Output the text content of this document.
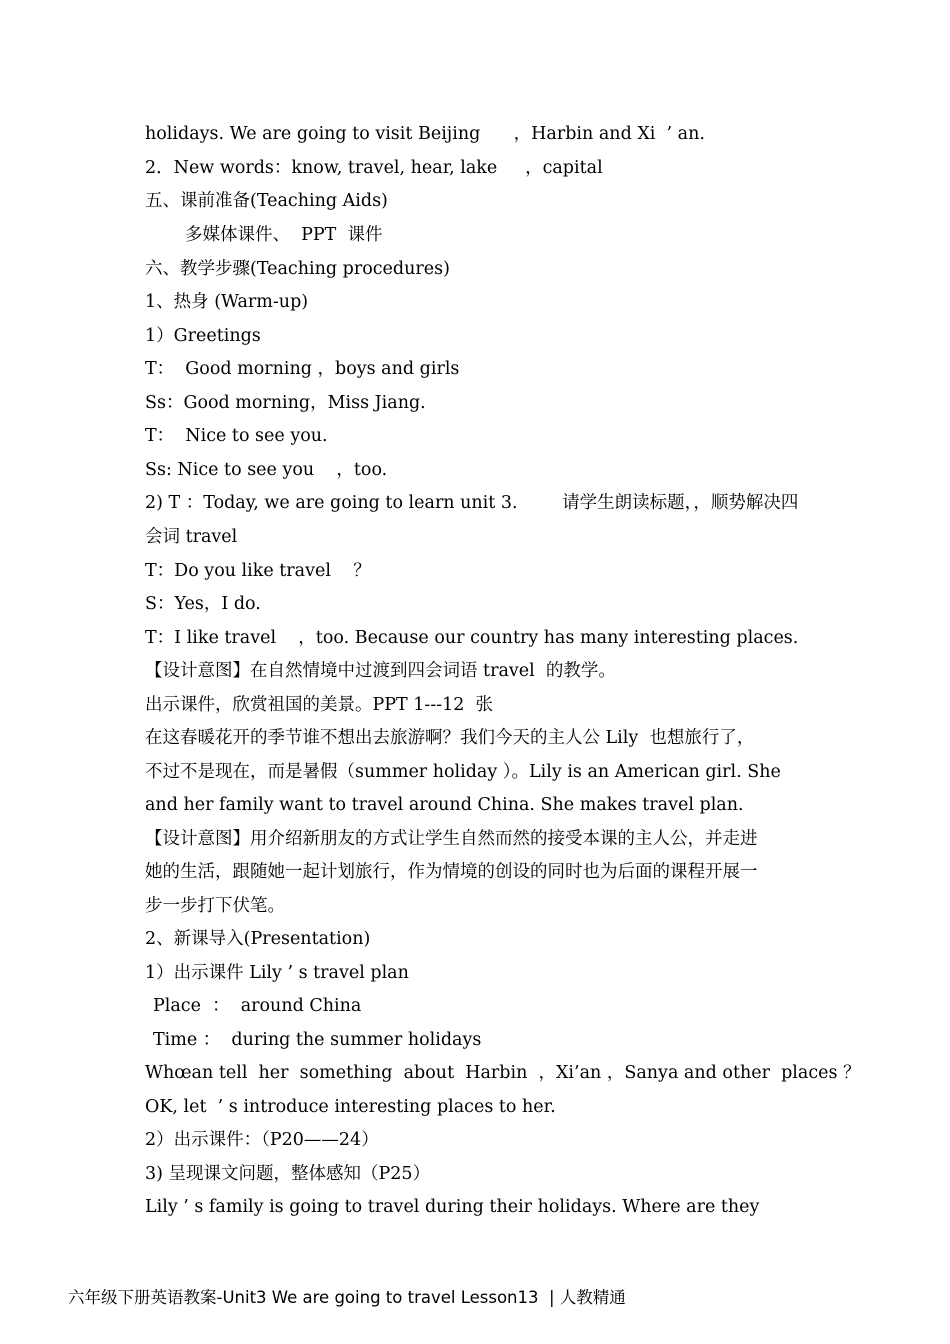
holidays. We are going to visit Beijing      ，Harbin and Xi  ’ an.
2．New words：know, travel, hear, lake     ，capital
五、课前准备(Teaching Aids)
多媒体课件、  PPT  课件
六、教学步骤(Teaching procedures)
1、热身 (Warm-up)
1）Greetings
T：  Good morning ，boys and girls
Ss：Good morning，Miss Jiang.
T：  Nice to see you.
Ss: Nice to see you    ，too.
2) T ：Today, we are going to learn unit 3.        请学生朗读标题，，顺势解决四
会词 travel
T：Do you like travel    ？
S：Yes，I do.
T：I like travel    ，too. Because our country has many interesting places.
【设计意图】在自然情境中过渡到四会词语 travel  的教学。
出示课件，欣赏祖国的美景。PPT 1---12  张
在这春暖花开的季节谁不想出去旅游啊？我们今天的主人公 Lily  也想旅行了，
不过不是现在，而是暑假（summer holiday ）。Lily is an American girl. She
and her family want to travel around China. She makes travel plan.
【设计意图】用介绍新朋友的方式让学生自然而然的接受本课的主人公，并走进
她的生活，跟随她一起计划旅行，作为情境的创设的同时也为后面的课程开展一
步一步打下伏笔。
2、新课导入(Presentation)
1）出示课件 Lily ’ s travel plan
Place  ：  around China
Time ：  during the summer holidays
Whœan tell  her  something  about  Harbin  ，Xi’an ，Sanya and other  places ？
OK, let  ’ s introduce interesting places to her.
2）出示课件：（P20——24）
3) 呈现课文问题，整体感知（P25）
Lily ’ s family is going to travel during their holidays. Where are they
六年级下册英语教案-Unit3 We are going to travel Lesson13  | 人教精通
